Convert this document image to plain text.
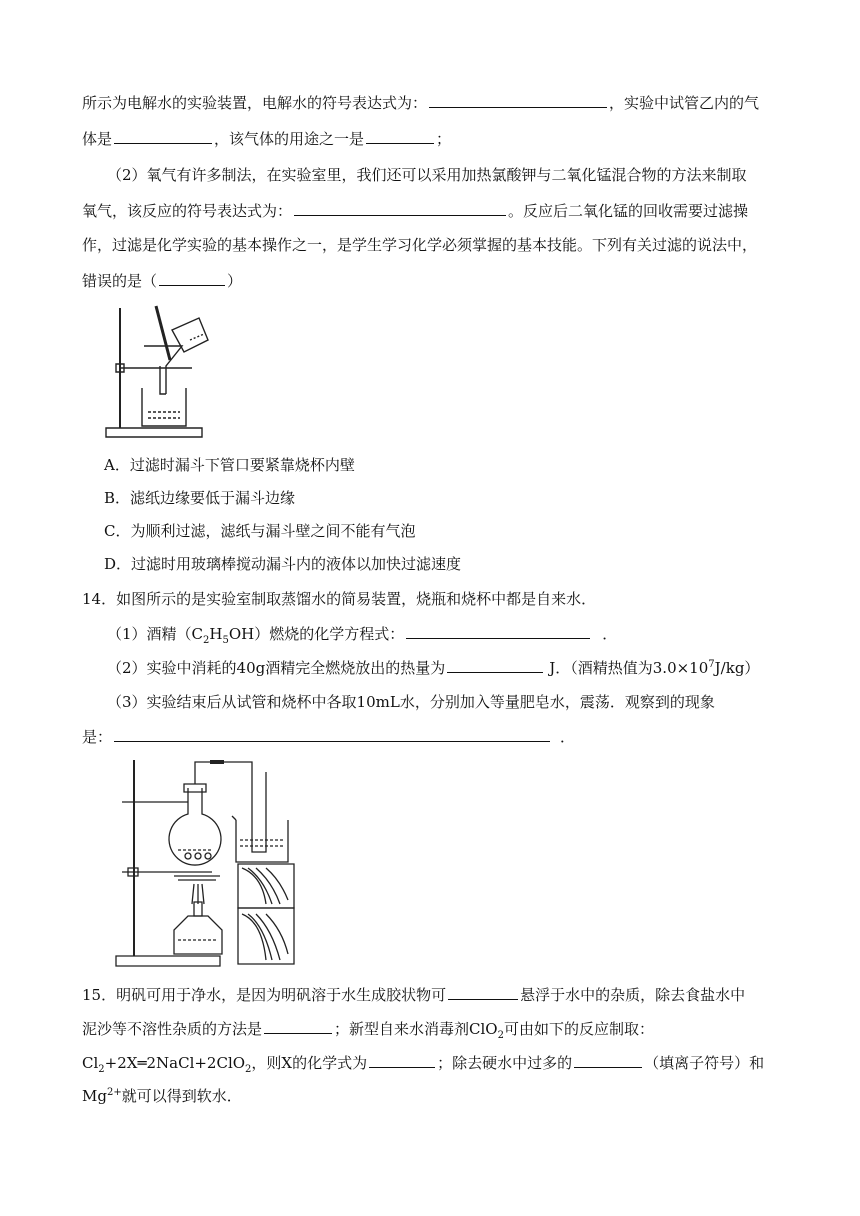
所示为电解水的实验装置，电解水的符号表达式为：	，实验中试管乙内的气
体是	，该气体的用途之一是	；
（2）氧气有许多制法，在实验室里，我们还可以采用加热氯酸钾与二氧化锰混合物的方法来制取
氧气，该反应的符号表达式为：	。反应后二氧化锰的回收需要过滤操
作，过滤是化学实验的基本操作之一，是学生学习化学必须掌握的基本技能。下列有关过滤的说法中，
错误的是（	）
A．过滤时漏斗下管口要紧靠烧杯内壁
B．滤纸边缘要低于漏斗边缘
C．为顺利过滤，滤纸与漏斗壁之间不能有气泡
D．过滤时用玻璃棒搅动漏斗内的液体以加快过滤速度
14．如图所示的是实验室制取蒸馏水的简易装置，烧瓶和烧杯中都是自来水．
（1）酒精$(C_2H_5OH)$燃烧的化学方程式：	．
（2）实验中消耗的40g酒精完全燃烧放出的热量为	J．（酒精热值为$3.0\times 10^7J/kg$）
（3）实验结束后从试管和烧杯中各取10mL水，分别加入等量肥皂水，震荡．观察到的现象
是：	．
15．明矾可用于净水，是因为明矾溶于水生成胶状物可	悬浮于水中的杂质，除去食盐水中
泥沙等不溶性杂质的方法是	；新型自来水消毒剂ClO$_2$可由如下的反应制取：
$Cl_2+2X═2NaCl+2ClO_2$，则X的化学式为	；除去硬水中过多的	（填离子符号）和
$Mg^{2+}$就可以得到软水．
